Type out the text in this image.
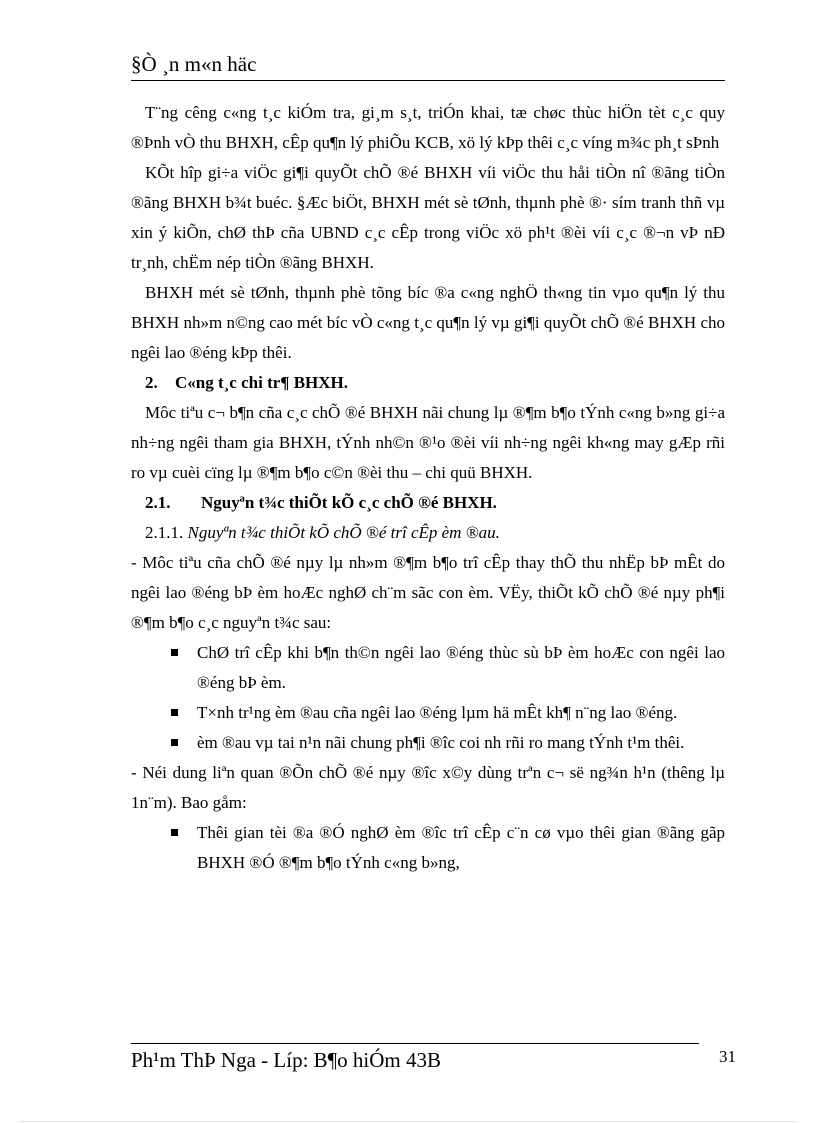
§Ò ¸n m«n häc

T¨ng cêng c«ng t¸c kiÓm tra, gi¸m s¸t, triÓn khai, tæ chøc thùc hiÖn tèt c¸c quy ®Þnh vÒ thu BHXH, cÊp qu¶n lý phiÕu KCB, xö lý kÞp thêi c¸c víng m¾c ph¸t sÞnh

KÕt hîp gi÷a viÖc gi¶i quyÕt chÕ ®é BHXH víi viÖc thu håi tiÒn nî ®ãng tiÒn ®ãng BHXH b¾t buéc. §Æc biÖt, BHXH mét sè tØnh, thµnh phè ®· sím tranh thñ vµ xin ý kiÕn, chØ thÞ cña UBND c¸c cÊp trong viÖc xö ph¹t ®èi víi c¸c ®¬n vÞ nÐ tr¸nh, chËm nép tiÒn ®ãng BHXH.

BHXH mét sè tØnh, thµnh phè tõng bíc ®a c«ng nghÖ th«ng tin vµo qu¶n lý thu BHXH nh»m n©ng cao mét bíc vÒ c«ng t¸c qu¶n lý vµ gi¶i quyÕt chÕ ®é BHXH cho ngêi lao ®éng kÞp thêi.

2. C«ng t¸c chi tr¶ BHXH.

Môc tiªu c¬ b¶n cña c¸c chÕ ®é BHXH nãi chung lµ ®¶m b¶o tÝnh c«ng b»ng gi÷a nh÷ng ngêi tham gia BHXH, tÝnh nh©n ®¹o ®èi víi nh÷ng ngêi kh«ng may gÆp rñi ro vµ cuèi cïng lµ ®¶m b¶o c©n ®èi thu – chi quü BHXH.

2.1. Nguyªn t¾c thiÕt kÕ c¸c chÕ ®é BHXH.

2.1.1. Nguyªn t¾c thiÕt kÕ chÕ ®é trî cÊp èm ®au.

- Môc tiªu cña chÕ ®é nµy lµ nh»m ®¶m b¶o trî cÊp thay thÕ thu nhËp bÞ mÊt do ngêi lao ®éng bÞ èm hoÆc nghØ ch¨m sãc con èm. VËy, thiÕt kÕ chÕ ®é nµy ph¶i ®¶m b¶o c¸c nguyªn t¾c sau:

ChØ trî cÊp khi b¶n th©n ngêi lao ®éng thùc sù bÞ èm hoÆc con ngêi lao ®éng bÞ èm.
T×nh tr¹ng èm ®au cña ngêi lao ®éng lµm hä mÊt kh¶ n¨ng lao ®éng.
èm ®au vµ tai n¹n nãi chung ph¶i ®îc coi nh rñi ro mang tÝnh t¹m thêi.

- Néi dung liªn quan ®Õn chÕ ®é nµy ®îc x©y dùng trªn c¬ së ng¾n h¹n (thêng lµ 1n¨m). Bao gåm:

Thêi gian tèi ®a ®Ó nghØ èm ®îc trî cÊp c¨n cø vµo thêi gian ®ãng gãp BHXH ®Ó ®¶m b¶o tÝnh c«ng b»ng,
Ph¹m ThÞ Nga - Líp: B¶o hiÓm 43B	31
